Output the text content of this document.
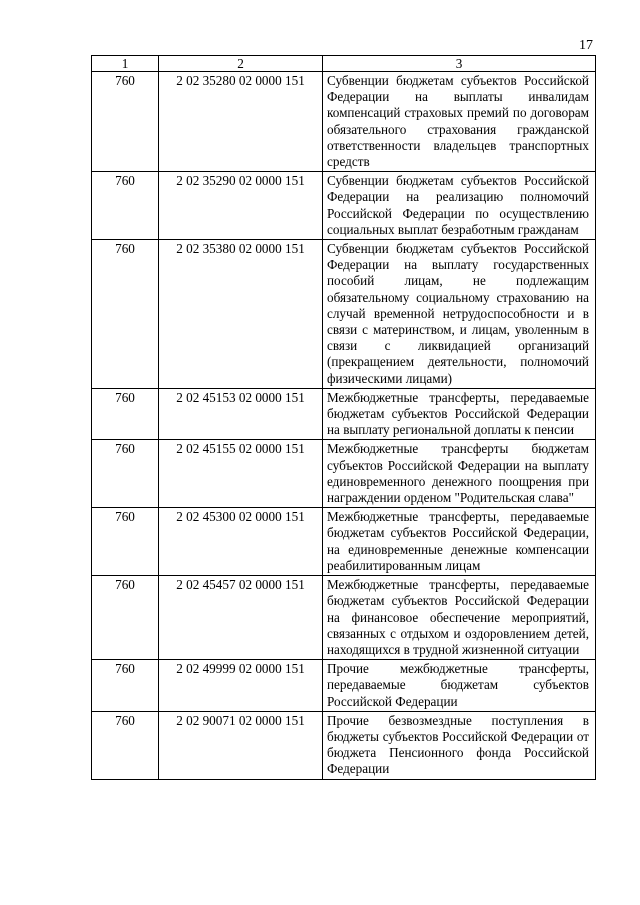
17
1	2	3
760	2 02 35280 02 0000 151	Субвенции бюджетам субъектов Российской Федерации на выплаты инвалидам компенсаций страховых премий по договорам обязательного страхования гражданской ответственности владельцев транспортных средств
760	2 02 35290 02 0000 151	Субвенции бюджетам субъектов Российской Федерации на реализацию полномочий Российской Федерации по осуществлению социальных выплат безработным гражданам
760	2 02 35380 02 0000 151	Субвенции бюджетам субъектов Российской Федерации на выплату государственных пособий лицам, не подлежащим обязательному социальному страхованию на случай временной нетрудоспособности и в связи с материнством, и лицам, уволенным в связи с ликвидацией организаций (прекращением деятельности, полномочий физическими лицами)
760	2 02 45153 02 0000 151	Межбюджетные трансферты, передаваемые бюджетам субъектов Российской Федерации на выплату региональной доплаты к пенсии
760	2 02 45155 02 0000 151	Межбюджетные трансферты бюджетам субъектов Российской Федерации на выплату единовременного денежного поощрения при награждении орденом "Родительская слава"
760	2 02 45300 02 0000 151	Межбюджетные трансферты, передаваемые бюджетам субъектов Российской Федерации, на единовременные денежные компенсации реабилитированным лицам
760	2 02 45457 02 0000 151	Межбюджетные трансферты, передаваемые бюджетам субъектов Российской Федерации на финансовое обеспечение мероприятий, связанных с отдыхом и оздоровлением детей, находящихся в трудной жизненной ситуации
760	2 02 49999 02 0000 151	Прочие межбюджетные трансферты, передаваемые бюджетам субъектов Российской Федерации
760	2 02 90071 02 0000 151	Прочие безвозмездные поступления в бюджеты субъектов Российской Федерации от бюджета Пенсионного фонда Российской Федерации
